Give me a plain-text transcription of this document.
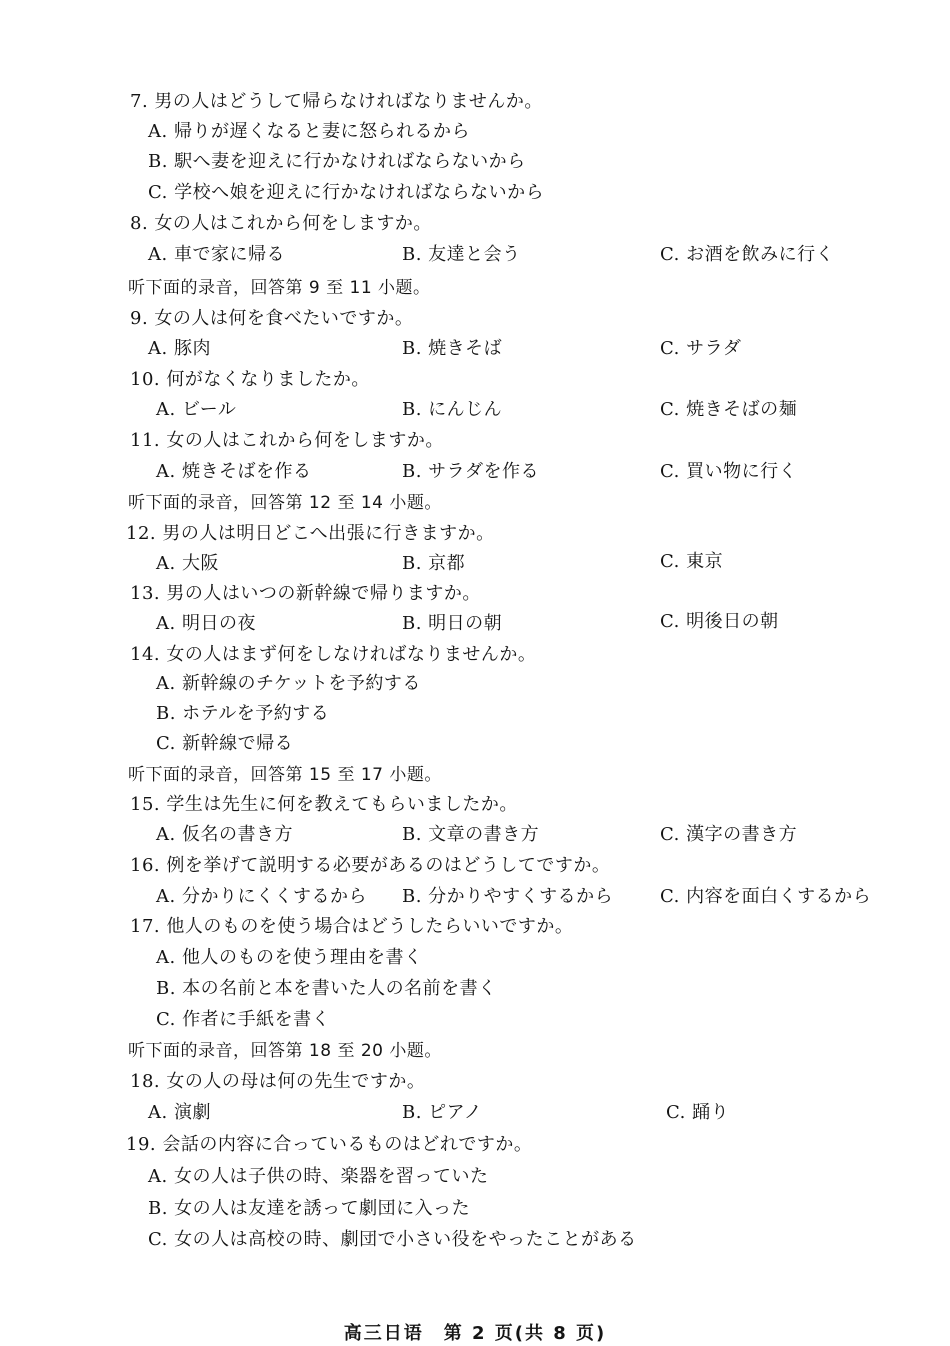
7. 男の人はどうして帰らなければなりませんか。
A. 帰りが遅くなると妻に怒られるから
B. 駅へ妻を迎えに行かなければならないから
C. 学校へ娘を迎えに行かなければならないから
8. 女の人はこれから何をしますか。
A. 車で家に帰る	B. 友達と会う	C. お酒を飲みに行く
听下面的录音，回答第 9 至 11 小题。
9. 女の人は何を食べたいですか。
A. 豚肉	B. 焼きそば	C. サラダ
10. 何がなくなりましたか。
A. ビール	B. にんじん	C. 焼きそばの麺
11. 女の人はこれから何をしますか。
A. 焼きそばを作る	B. サラダを作る	C. 買い物に行く
听下面的录音，回答第 12 至 14 小题。
12. 男の人は明日どこへ出張に行きますか。
A. 大阪	B. 京都	C. 東京
13. 男の人はいつの新幹線で帰りますか。
A. 明日の夜	B. 明日の朝	C. 明後日の朝
14. 女の人はまず何をしなければなりませんか。
A. 新幹線のチケットを予約する
B. ホテルを予約する
C. 新幹線で帰る
听下面的录音，回答第 15 至 17 小题。
15. 学生は先生に何を教えてもらいましたか。
A. 仮名の書き方	B. 文章の書き方	C. 漢字の書き方
16. 例を挙げて説明する必要があるのはどうしてですか。
A. 分かりにくくするから B. 分かりやすくするから	C. 内容を面白くするから
17. 他人のものを使う場合はどうしたらいいですか。
A. 他人のものを使う理由を書く
B. 本の名前と本を書いた人の名前を書く
C. 作者に手紙を書く
听下面的录音，回答第 18 至 20 小题。
18. 女の人の母は何の先生ですか。
A. 演劇	B. ピアノ	C. 踊り
19. 会話の内容に合っているものはどれですか。
A. 女の人は子供の時、楽器を習っていた
B. 女の人は友達を誘って劇団に入った
C. 女の人は高校の時、劇団で小さい役をやったことがある
高三日语　第 2 页(共 8 页)
